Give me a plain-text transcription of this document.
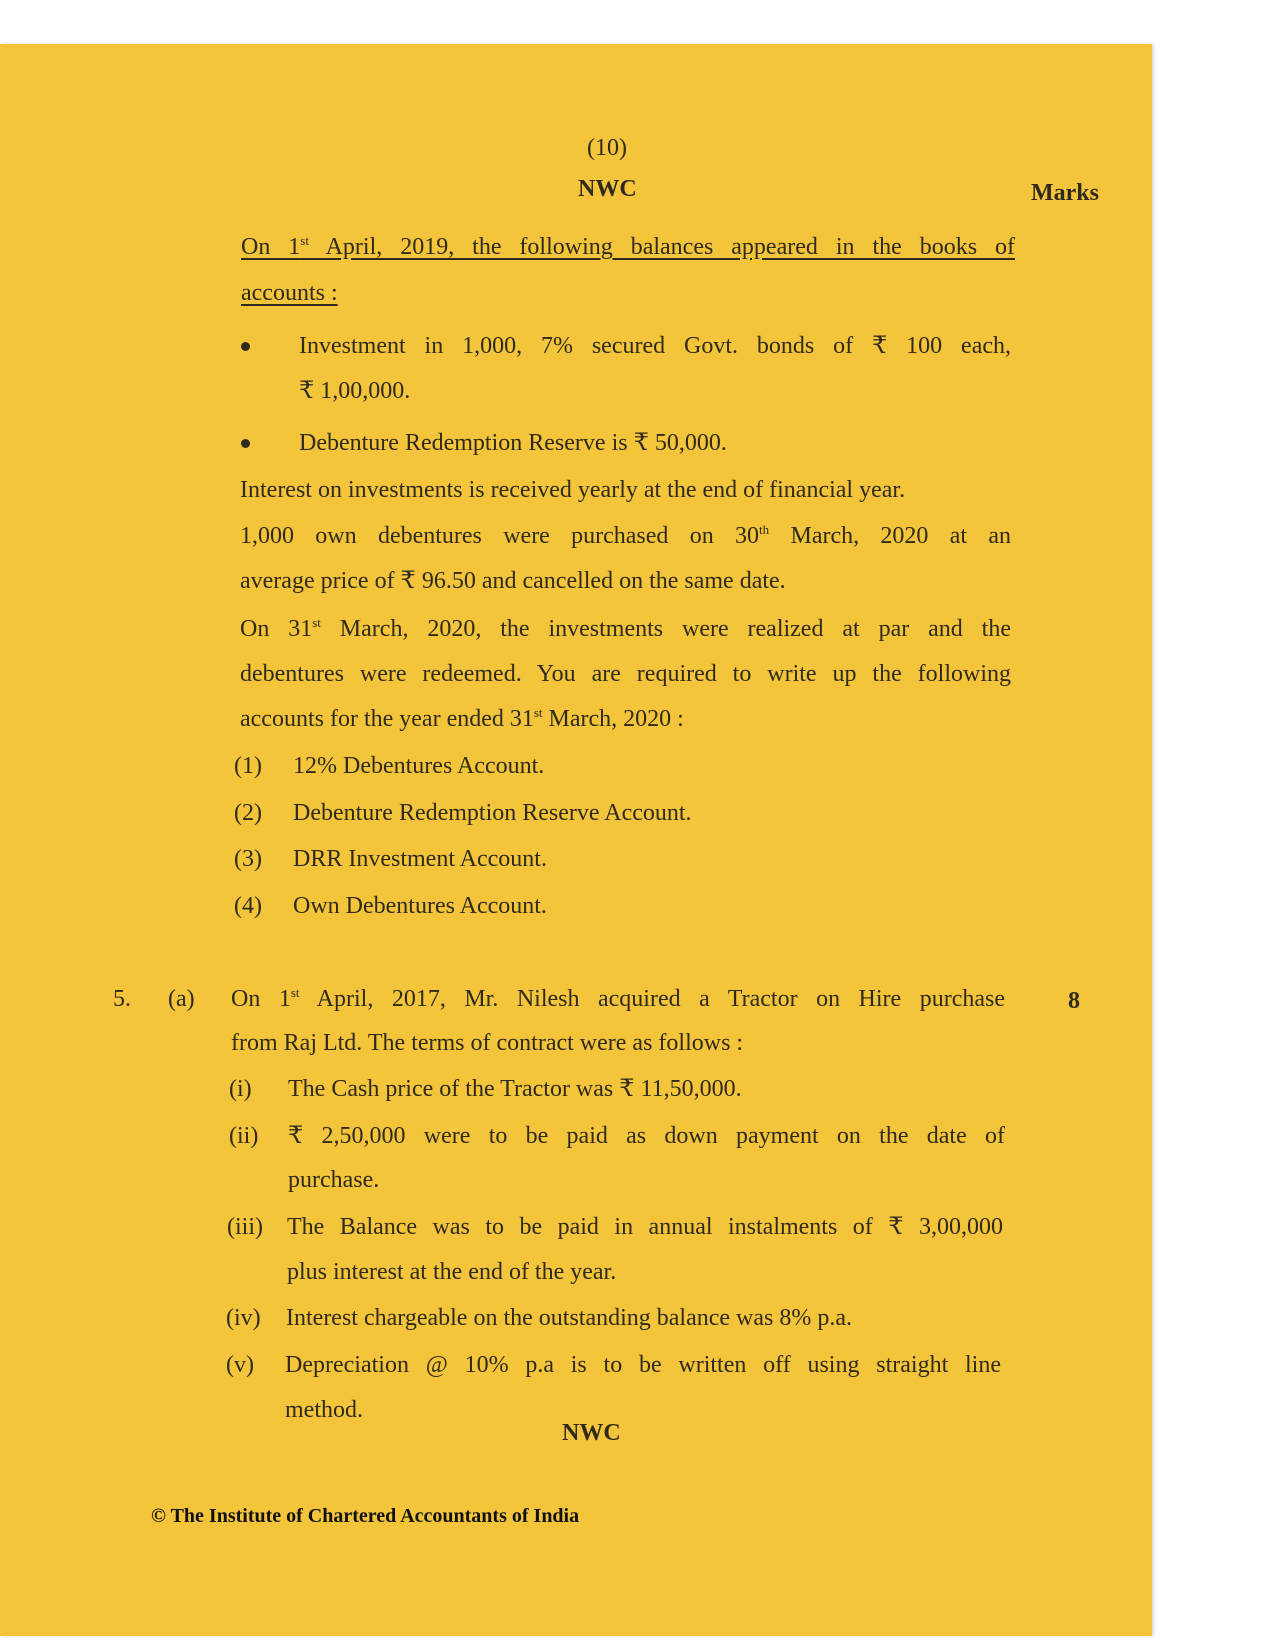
(10)
NWC	Marks
On 1st April, 2019, the following balances appeared in the books of
accounts :
Investment in 1,000, 7% secured Govt. bonds of ₹ 100 each,
₹ 1,00,000.
Debenture Redemption Reserve is ₹ 50,000.
Interest on investments is received yearly at the end of financial year.
1,000 own debentures were purchased on 30th March, 2020 at an
average price of ₹ 96.50 and cancelled on the same date.
On 31st March, 2020, the investments were realized at par and the
debentures were redeemed. You are required to write up the following
accounts for the year ended 31st March, 2020 :
(1) 12% Debentures Account.
(2) Debenture Redemption Reserve Account.
(3) DRR Investment Account.
(4) Own Debentures Account.
5. (a)	8
On 1st April, 2017, Mr. Nilesh acquired a Tractor on Hire purchase
from Raj Ltd. The terms of contract were as follows :
(i) The Cash price of the Tractor was ₹ 11,50,000.
(ii) ₹ 2,50,000 were to be paid as down payment on the date of
purchase.
(iii) The Balance was to be paid in annual instalments of ₹ 3,00,000
plus interest at the end of the year.
(iv) Interest chargeable on the outstanding balance was 8% p.a.
(v) Depreciation @ 10% p.a is to be written off using straight line
method.
NWC
© The Institute of Chartered Accountants of India
